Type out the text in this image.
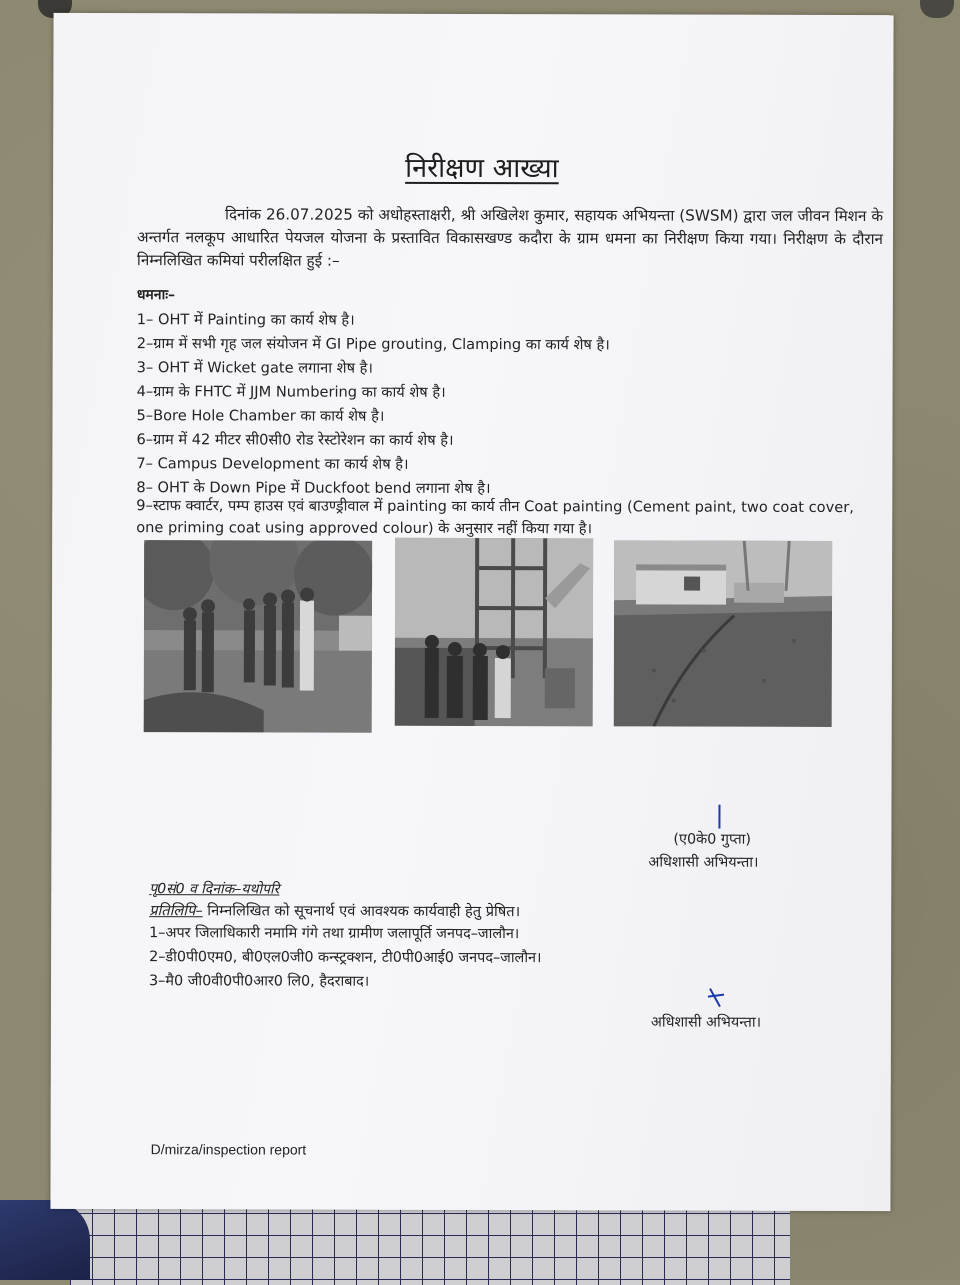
निरीक्षण आख्या
दिनांक 26.07.2025 को अधोहस्ताक्षरी, श्री अखिलेश कुमार, सहायक अभियन्ता (SWSM) द्वारा जल जीवन मिशन के अन्तर्गत नलकूप आधारित पेयजल योजना के प्रस्तावित विकासखण्ड कदौरा के ग्राम धमना का निरीक्षण किया गया। निरीक्षण के दौरान निम्नलिखित कमियां परीलक्षित हुई :–
धमनाः–
1– OHT में Painting का कार्य शेष है।
2–ग्राम में सभी गृह जल संयोजन में GI Pipe grouting, Clamping का कार्य शेष है।
3– OHT में Wicket gate लगाना शेष है।
4–ग्राम के FHTC में JJM Numbering का कार्य शेष है।
5–Bore Hole Chamber का कार्य शेष है।
6–ग्राम में 42 मीटर सी0सी0 रोड रेस्टोरेशन का कार्य शेष है।
7– Campus Development का कार्य शेष है।
8– OHT के Down Pipe में Duckfoot bend लगाना शेष है।
9–स्टाफ क्वार्टर, पम्प हाउस एवं बाउण्ड्रीवाल में painting का कार्य तीन Coat painting (Cement paint, two coat cover, one priming coat using approved colour) के अनुसार नहीं किया गया है।
(ए0के0 गुप्ता)
अधिशासी अभियन्ता।
पृ0सं0 व दिनांक–यथोपरि
प्रतिलिपि– निम्नलिखित को सूचनार्थ एवं आवश्यक कार्यवाही हेतु प्रेषित।
1–अपर जिलाधिकारी नमामि गंगे तथा ग्रामीण जलापूर्ति जनपद–जालौन।
2–डी0पी0एम0, बी0एल0जी0 कन्स्ट्रक्शन, टी0पी0आई0 जनपद–जालौन।
3–मै0 जी0वी0पी0आर0 लि0, हैदराबाद।
अधिशासी अभियन्ता।
D/mirza/inspection report
